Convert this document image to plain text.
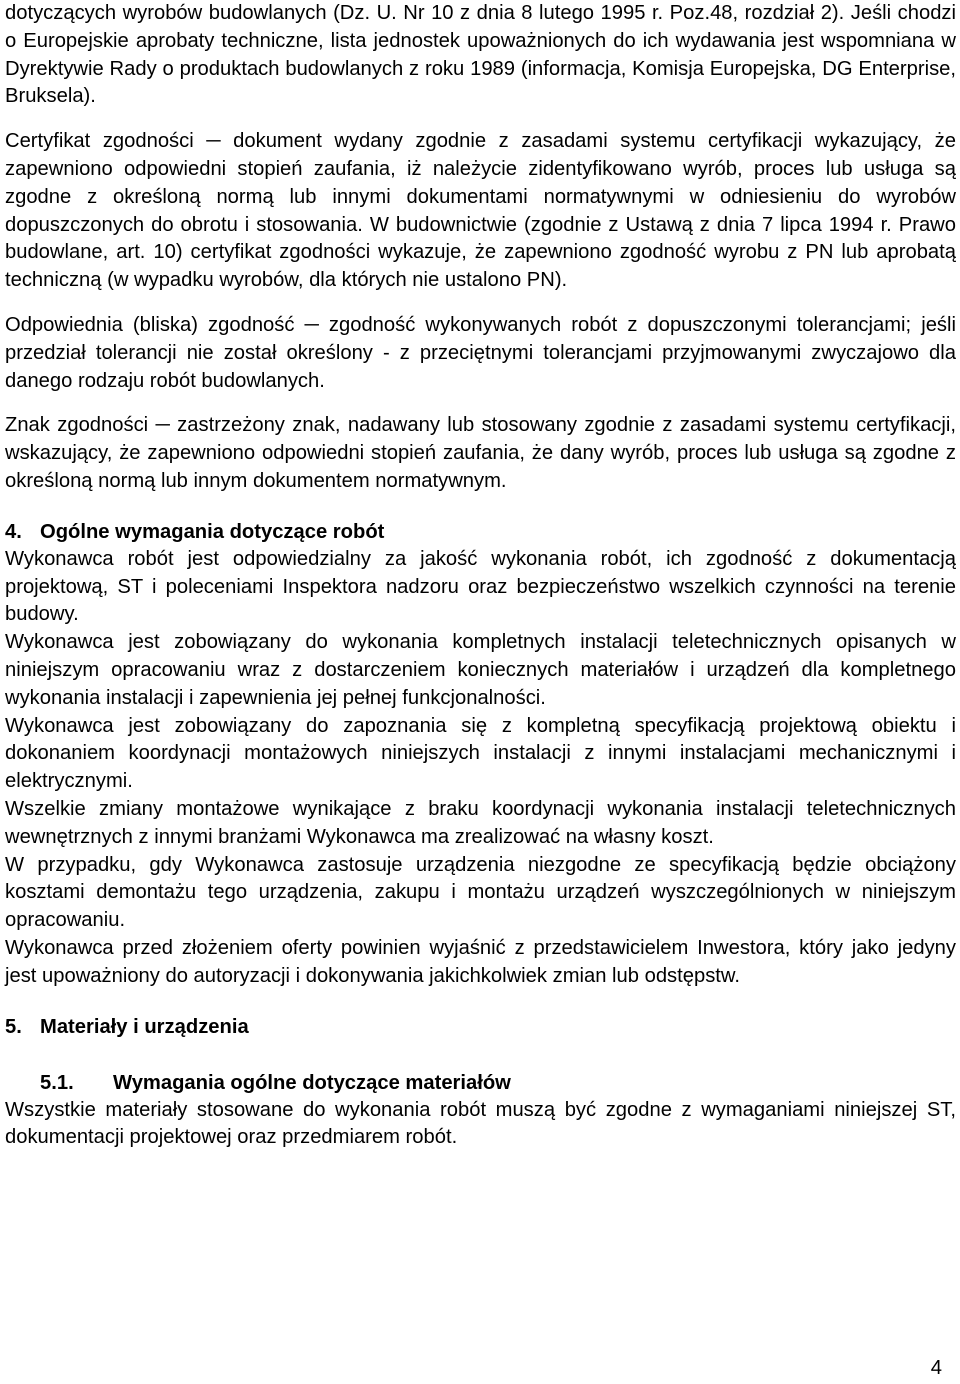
dotyczących wyrobów budowlanych (Dz. U. Nr 10 z dnia 8 lutego 1995 r. Poz.48, rozdział 2). Jeśli chodzi o Europejskie aprobaty techniczne, lista jednostek upoważnionych do ich wydawania jest wspomniana w Dyrektywie Rady o produktach budowlanych z roku 1989 (informacja, Komisja Europejska, DG Enterprise, Bruksela).

Certyfikat zgodności ─ dokument wydany zgodnie z zasadami systemu certyfikacji wykazujący, że zapewniono odpowiedni stopień zaufania, iż należycie zidentyfikowano wyrób, proces lub usługa są zgodne z określoną normą lub innymi dokumentami normatywnymi w odniesieniu do wyrobów dopuszczonych do obrotu i stosowania. W budownictwie (zgodnie z Ustawą z dnia 7 lipca 1994 r. Prawo budowlane, art. 10) certyfikat zgodności wykazuje, że zapewniono zgodność wyrobu z PN lub aprobatą techniczną (w wypadku wyrobów, dla których nie ustalono PN).

Odpowiednia (bliska) zgodność ─ zgodność wykonywanych robót z dopuszczonymi tolerancjami; jeśli przedział tolerancji nie został określony - z przeciętnymi tolerancjami przyjmowanymi zwyczajowo dla danego rodzaju robót budowlanych.

Znak zgodności ─ zastrzeżony znak, nadawany lub stosowany zgodnie z zasadami systemu certyfikacji, wskazujący, że zapewniono odpowiedni stopień zaufania, że dany wyrób, proces lub usługa są zgodne z określoną normą lub innym dokumentem normatywnym.

4. Ogólne wymagania dotyczące robót

Wykonawca robót jest odpowiedzialny za jakość wykonania robót, ich zgodność z dokumentacją projektową, ST i poleceniami Inspektora nadzoru oraz bezpieczeństwo wszelkich czynności na terenie budowy.

Wykonawca jest zobowiązany do wykonania kompletnych instalacji teletechnicznych opisanych w niniejszym opracowaniu wraz z dostarczeniem koniecznych materiałów i urządzeń dla kompletnego wykonania instalacji i zapewnienia jej pełnej funkcjonalności.

Wykonawca jest zobowiązany do zapoznania się z kompletną specyfikacją projektową obiektu i dokonaniem koordynacji montażowych niniejszych instalacji z innymi instalacjami mechanicznymi i elektrycznymi.

Wszelkie zmiany montażowe wynikające z braku koordynacji wykonania instalacji teletechnicznych wewnętrznych z innymi branżami Wykonawca ma zrealizować na własny koszt.

W przypadku, gdy Wykonawca zastosuje urządzenia niezgodne ze specyfikacją będzie obciążony kosztami demontażu tego urządzenia, zakupu i montażu urządzeń wyszczególnionych w niniejszym opracowaniu.

Wykonawca przed złożeniem oferty powinien wyjaśnić z przedstawicielem Inwestora, który jako jedyny jest upoważniony do autoryzacji i dokonywania jakichkolwiek zmian lub odstępstw.

5. Materiały i urządzenia
5.1. Wymagania ogólne dotyczące materiałów

Wszystkie materiały stosowane do wykonania robót muszą być zgodne z wymaganiami niniejszej ST, dokumentacji projektowej oraz przedmiarem robót.

4
